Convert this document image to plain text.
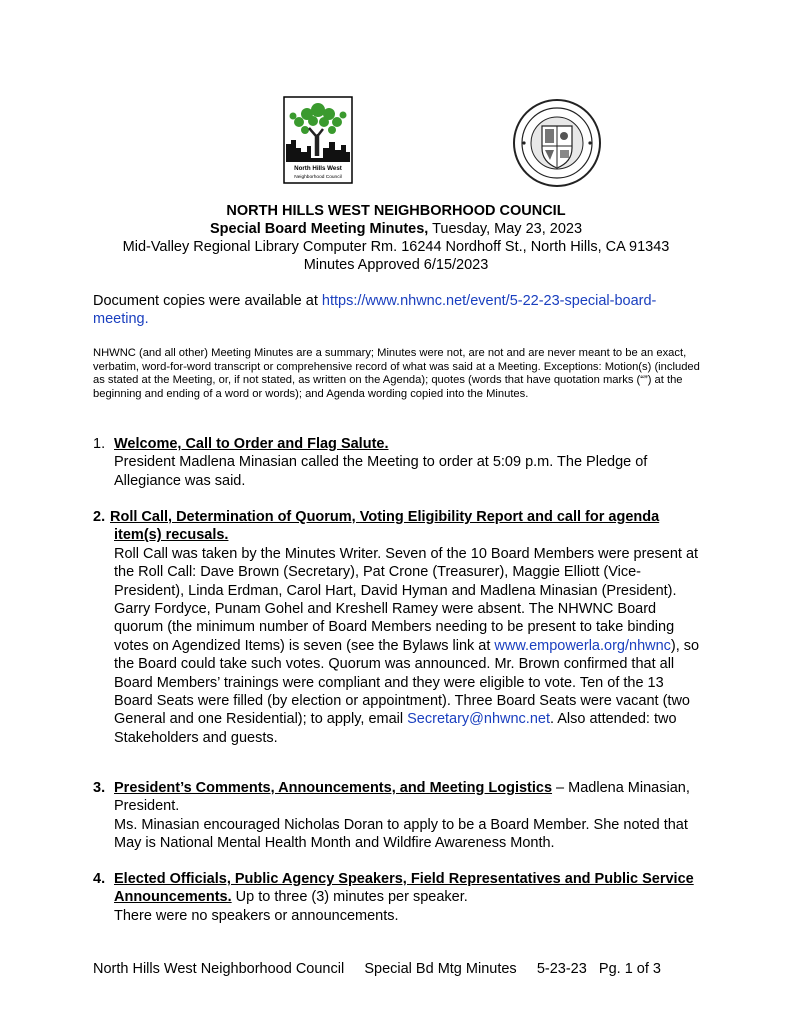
North Hills West
Neighborhood Council
NORTH HILLS WEST NEIGHBORHOOD COUNCIL
Special Board Meeting Minutes, Tuesday, May 23, 2023
Mid-Valley Regional Library Computer Rm. 16244 Nordhoff St., North Hills, CA 91343
Minutes Approved 6/15/2023
Document copies were available at https://www.nhwnc.net/event/5-22-23-special-board-
meeting.
NHWNC (and all other) Meeting Minutes are a summary; Minutes were not, are not and are never meant to be an exact, verbatim, word-for-word transcript or comprehensive record of what was said at a Meeting. Exceptions: Motion(s) (included as stated at the Meeting, or, if not stated, as written on the Agenda); quotes (words that have quotation marks (“”) at the beginning and ending of a word or words); and Agenda wording copied into the Minutes.
1. Welcome, Call to Order and Flag Salute.
President Madlena Minasian called the Meeting to order at 5:09 p.m. The Pledge of Allegiance was said.
2. Roll Call, Determination of Quorum, Voting Eligibility Report and call for agenda
item(s) recusals.
Roll Call was taken by the Minutes Writer. Seven of the 10 Board Members were present at the Roll Call: Dave Brown (Secretary), Pat Crone (Treasurer), Maggie Elliott (Vice-President), Linda Erdman, Carol Hart, David Hyman and Madlena Minasian (President). Garry Fordyce, Punam Gohel and Kreshell Ramey were absent. The NHWNC Board quorum (the minimum number of Board Members needing to be present to take binding votes on Agendized Items) is seven (see the Bylaws link at www.empowerla.org/nhwnc), so the Board could take such votes. Quorum was announced. Mr. Brown confirmed that all Board Members’ trainings were compliant and they were eligible to vote. Ten of the 13 Board Seats were filled (by election or appointment). Three Board Seats were vacant (two General and one Residential); to apply, email Secretary@nhwnc.net. Also attended: two Stakeholders and guests.
3. President’s Comments, Announcements, and Meeting Logistics – Madlena Minasian, President.
Ms. Minasian encouraged Nicholas Doran to apply to be a Board Member. She noted that May is National Mental Health Month and Wildfire Awareness Month.
4. Elected Officials, Public Agency Speakers, Field Representatives and Public Service Announcements. Up to three (3) minutes per speaker.
There were no speakers or announcements.
North Hills West Neighborhood Council Special Bd Mtg Minutes 5-23-23 Pg. 1 of 3
